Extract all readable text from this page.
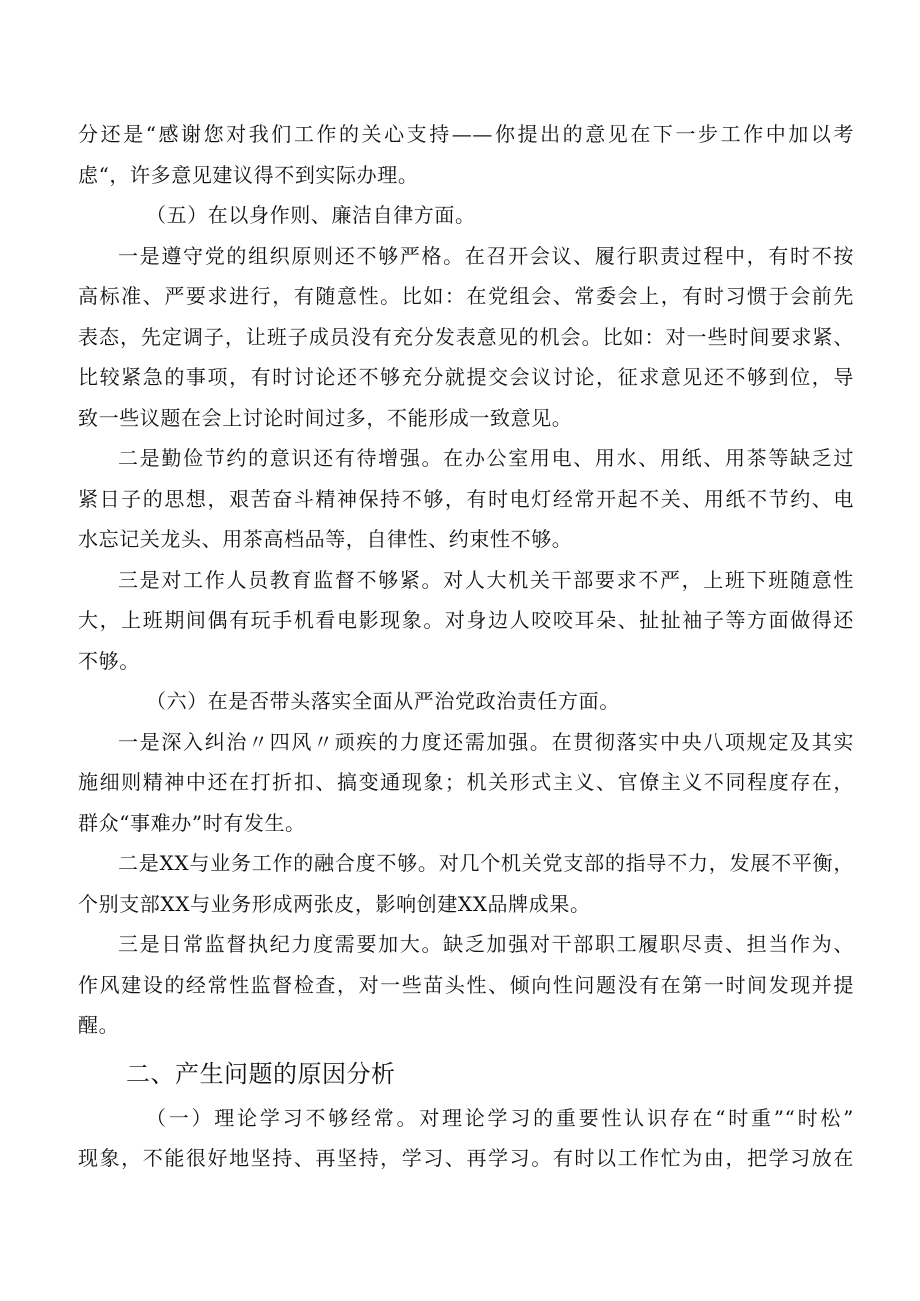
分还是“感谢您对我们工作的关心支持——你提出的意见在下一步工作中加以考
虑“，许多意见建议得不到实际办理。
（五）在以身作则、廉洁自律方面。
一是遵守党的组织原则还不够严格。在召开会议、履行职责过程中，有时不按
高标准、严要求进行，有随意性。比如：在党组会、常委会上，有时习惯于会前先
表态，先定调子，让班子成员没有充分发表意见的机会。比如：对一些时间要求紧、
比较紧急的事项，有时讨论还不够充分就提交会议讨论，征求意见还不够到位，导
致一些议题在会上讨论时间过多，不能形成一致意见。
二是勤俭节约的意识还有待增强。在办公室用电、用水、用纸、用茶等缺乏过
紧日子的思想，艰苦奋斗精神保持不够，有时电灯经常开起不关、用纸不节约、电
水忘记关龙头、用茶高档品等，自律性、约束性不够。
三是对工作人员教育监督不够紧。对人大机关干部要求不严，上班下班随意性
大，上班期间偶有玩手机看电影现象。对身边人咬咬耳朵、扯扯袖子等方面做得还
不够。
（六）在是否带头落实全面从严治党政治责任方面。
一是深入纠治〃四风〃顽疾的力度还需加强。在贯彻落实中央八项规定及其实
施细则精神中还在打折扣、搞变通现象；机关形式主义、官僚主义不同程度存在，
群众“事难办”时有发生。
二是XX与业务工作的融合度不够。对几个机关党支部的指导不力，发展不平衡，
个别支部XX与业务形成两张皮，影响创建XX品牌成果。
三是日常监督执纪力度需要加大。缺乏加强对干部职工履职尽责、担当作为、
作风建设的经常性监督检查，对一些苗头性、倾向性问题没有在第一时间发现并提
醒。
二、产生问题的原因分析
（一）理论学习不够经常。对理论学习的重要性认识存在“时重”“时松”
现象，不能很好地坚持、再坚持，学习、再学习。有时以工作忙为由，把学习放在
